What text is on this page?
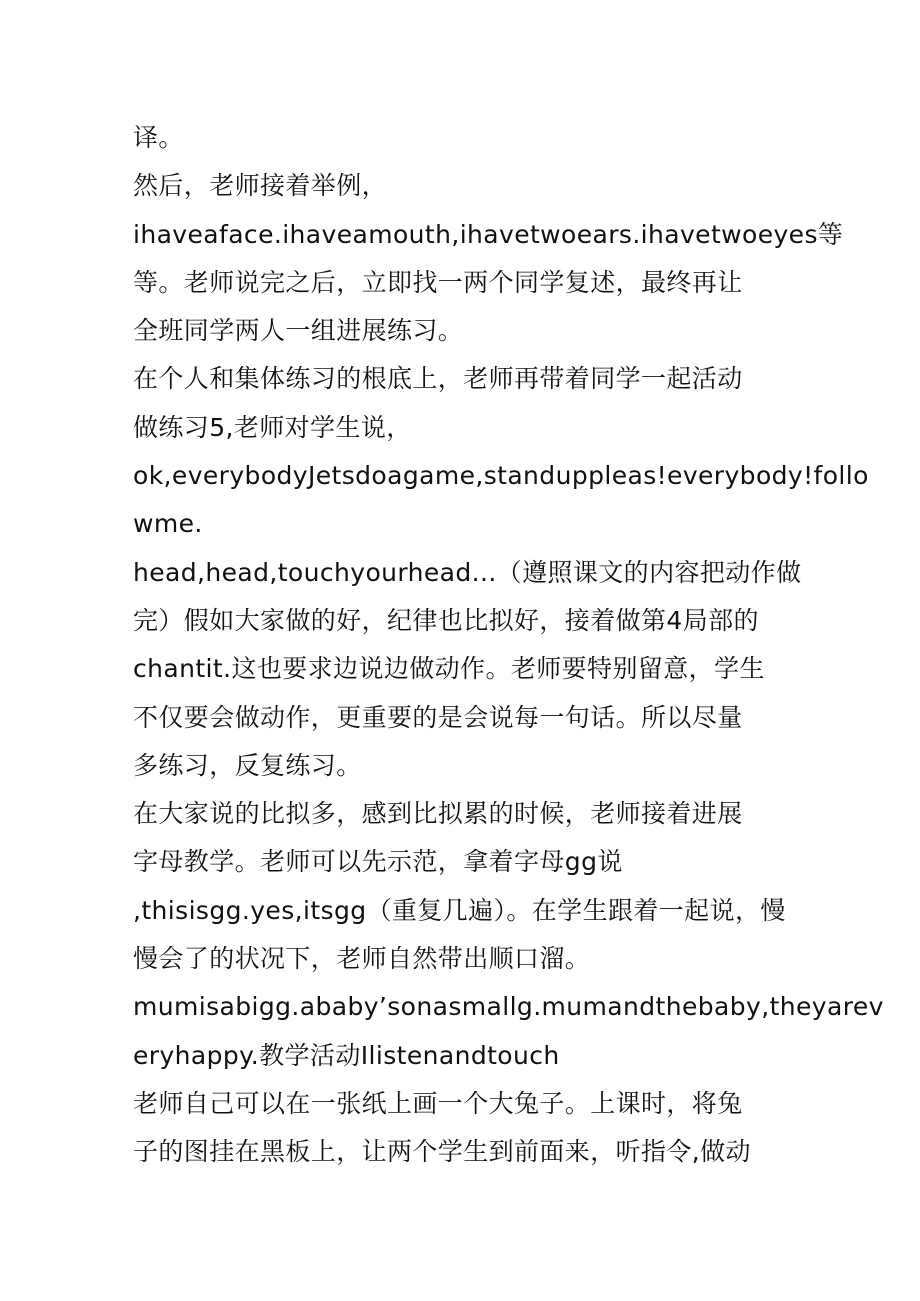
译。
然后，老师接着举例，
ihaveaface.ihaveamouth,ihavetwoears.ihavetwoeyes等
等。老师说完之后，立即找一两个同学复述，最终再让
全班同学两人一组进展练习。
在个人和集体练习的根底上，老师再带着同学一起活动
做练习5,老师对学生说，
ok,everybodyJetsdoagame,standuppleas!everybody!follo
wme.
head,head,touchyourhead...（遵照课文的内容把动作做
完）假如大家做的好，纪律也比拟好，接着做第4局部的
chantit.这也要求边说边做动作。老师要特别留意，学生
不仅要会做动作，更重要的是会说每一句话。所以尽量
多练习，反复练习。
在大家说的比拟多，感到比拟累的时候，老师接着进展
字母教学。老师可以先示范，拿着字母gg说
,thisisgg.yes,itsgg（重复几遍）。在学生跟着一起说，慢
慢会了的状况下，老师自然带出顺口溜。
mumisabigg.ababy’sonasmallg.mumandthebaby,theyarev
eryhappy.教学活动Ilistenandtouch
老师自己可以在一张纸上画一个大兔子。上课时，将兔
子的图挂在黑板上，让两个学生到前面来，听指令,做动
